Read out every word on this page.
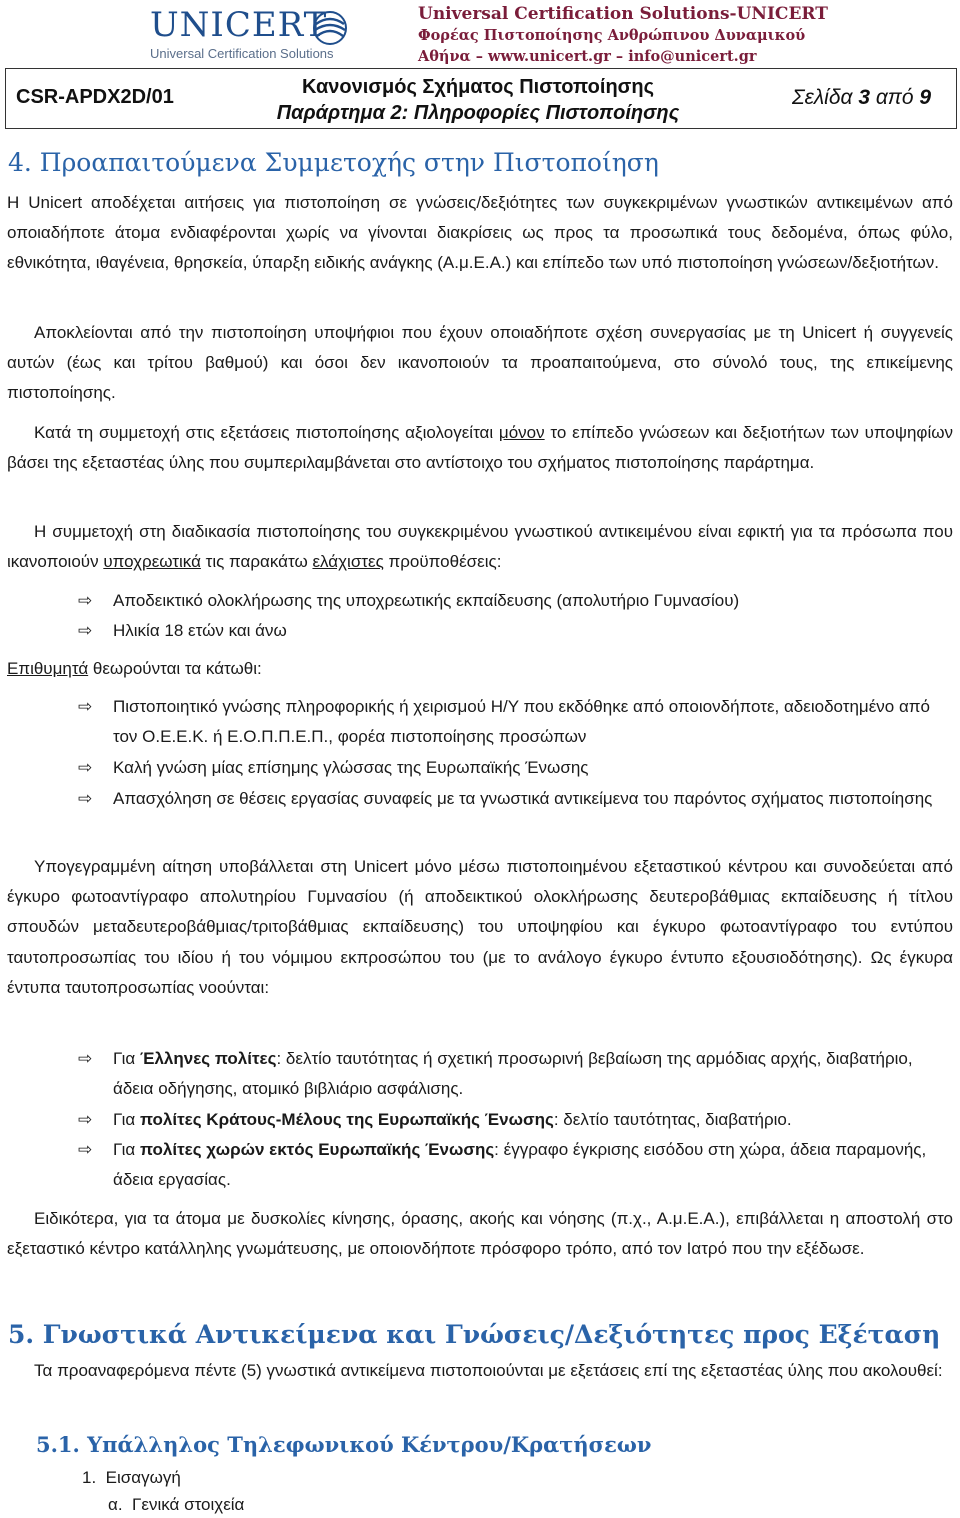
UNICERT
Universal Certification Solutions
Universal Certification Solutions-UNICERT
Φορέας Πιστοποίησης Ανθρώπινου Δυναμικού
Αθήνα – www.unicert.gr – info@unicert.gr
CSR-APDX2D/01	Κανονισμός Σχήματος Πιστοποίησης
Παράρτημα 2: Πληροφορίες Πιστοποίησης
Σελίδα 3 από 9
4. Προαπαιτούμενα Συμμετοχής στην Πιστοποίηση

Η Unicert αποδέχεται αιτήσεις για πιστοποίηση σε γνώσεις/δεξιότητες των συγκεκριμένων γνωστικών αντικειμένων από οποιαδήποτε άτομα ενδιαφέρονται χωρίς να γίνονται διακρίσεις ως προς τα προσωπικά τους δεδομένα, όπως φύλο, εθνικότητα, ιθαγένεια, θρησκεία, ύπαρξη ειδικής ανάγκης (Α.μ.Ε.Α.) και επίπεδο των υπό πιστοποίηση γνώσεων/δεξιοτήτων.

Αποκλείονται από την πιστοποίηση υποψήφιοι που έχουν οποιαδήποτε σχέση συνεργασίας με τη Unicert ή συγγενείς αυτών (έως και τρίτου βαθμού) και όσοι δεν ικανοποιούν τα προαπαιτούμενα, στο σύνολό τους, της επικείμενης πιστοποίησης.

Κατά τη συμμετοχή στις εξετάσεις πιστοποίησης αξιολογείται μόνον το επίπεδο γνώσεων και δεξιοτήτων των υποψηφίων βάσει της εξεταστέας ύλης που συμπεριλαμβάνεται στο αντίστοιχο του σχήματος πιστοποίησης παράρτημα.

Η συμμετοχή στη διαδικασία πιστοποίησης του συγκεκριμένου γνωστικού αντικειμένου είναι εφικτή για τα πρόσωπα που ικανοποιούν υποχρεωτικά τις παρακάτω ελάχιστες προϋποθέσεις:

⇨	Αποδεικτικό ολοκλήρωσης της υποχρεωτικής εκπαίδευσης (απολυτήριο Γυμνασίου)
⇨	Ηλικία 18 ετών και άνω

Επιθυμητά θεωρούνται τα κάτωθι:

⇨	Πιστοποιητικό γνώσης πληροφορικής ή χειρισμού Η/Υ που εκδόθηκε από οποιονδήποτε, αδειοδοτημένο από τον Ο.Ε.Ε.Κ. ή Ε.Ο.Π.Π.Ε.Π., φορέα πιστοποίησης προσώπων
⇨	Καλή γνώση μίας επίσημης γλώσσας της Ευρωπαϊκής Ένωσης
⇨	Απασχόληση σε θέσεις εργασίας συναφείς με τα γνωστικά αντικείμενα του παρόντος σχήματος πιστοποίησης

Υπογεγραμμένη αίτηση υποβάλλεται στη Unicert μόνο μέσω πιστοποιημένου εξεταστικού κέντρου και συνοδεύεται από έγκυρο φωτοαντίγραφο απολυτηρίου Γυμνασίου (ή αποδεικτικού ολοκλήρωσης δευτεροβάθμιας εκπαίδευσης ή τίτλου σπουδών μεταδευτεροβάθμιας/τριτοβάθμιας εκπαίδευσης) του υποψηφίου και έγκυρο φωτοαντίγραφο του εντύπου ταυτοπροσωπίας του ιδίου ή του νόμιμου εκπροσώπου του (με το ανάλογο έγκυρο έντυπο εξουσιοδότησης). Ως έγκυρα έντυπα ταυτοπροσωπίας νοούνται:

⇨	Για Έλληνες πολίτες: δελτίο ταυτότητας ή σχετική προσωρινή βεβαίωση της αρμόδιας αρχής, διαβατήριο, άδεια οδήγησης, ατομικό βιβλιάριο ασφάλισης.
⇨	Για πολίτες Κράτους-Μέλους της Ευρωπαϊκής Ένωσης: δελτίο ταυτότητας, διαβατήριο.
⇨	Για πολίτες χωρών εκτός Ευρωπαϊκής Ένωσης: έγγραφο έγκρισης εισόδου στη χώρα, άδεια παραμονής, άδεια εργασίας.

Ειδικότερα, για τα άτομα με δυσκολίες κίνησης, όρασης, ακοής και νόησης (π.χ., Α.μ.Ε.Α.), επιβάλλεται η αποστολή στο εξεταστικό κέντρο κατάλληλης γνωμάτευσης, με οποιονδήποτε πρόσφορο τρόπο, από τον Ιατρό που την εξέδωσε.

5. Γνωστικά Αντικείμενα και Γνώσεις/Δεξιότητες προς Εξέταση

Τα προαναφερόμενα πέντε (5) γνωστικά αντικείμενα πιστοποιούνται με εξετάσεις επί της εξεταστέας ύλης που ακολουθεί:

5.1. Υπάλληλος Τηλεφωνικού Κέντρου/Κρατήσεων
1. Εισαγωγή
α. Γενικά στοιχεία
